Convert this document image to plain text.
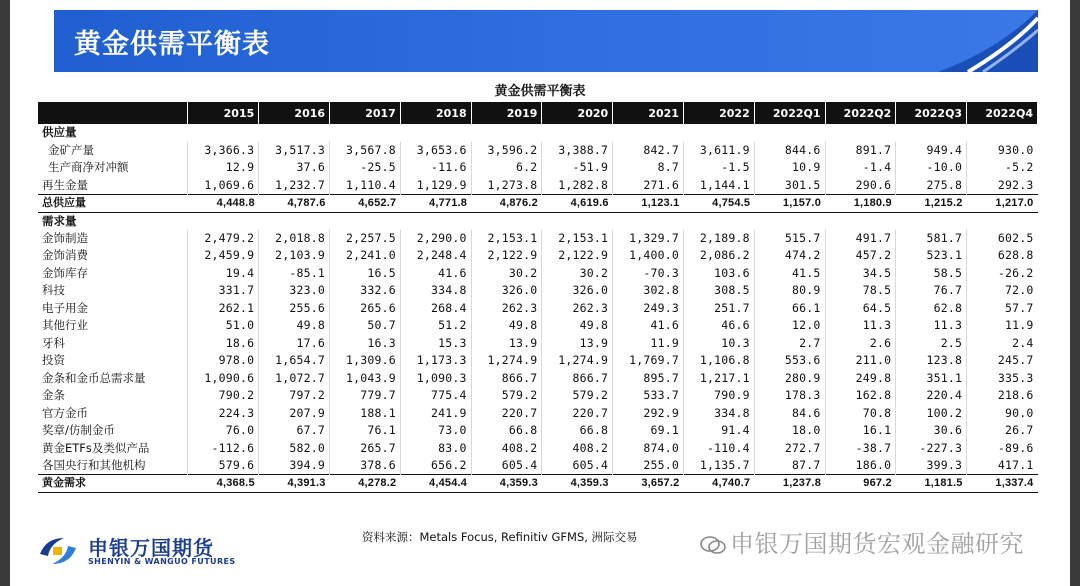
黄金供需平衡表
黄金供需平衡表
	2015	2016	2017	2018	2019	2020	2021	2022	2022Q1	2022Q2	2022Q3	2022Q4
供应量												
金矿产量	3,366.3	3,517.3	3,567.8	3,653.6	3,596.2	3,388.7	842.7	3,611.9	844.6	891.7	949.4	930.0
生产商净对冲额	12.9	37.6	-25.5	-11.6	6.2	-51.9	8.7	-1.5	10.9	-1.4	-10.0	-5.2
再生金量	1,069.6	1,232.7	1,110.4	1,129.9	1,273.8	1,282.8	271.6	1,144.1	301.5	290.6	275.8	292.3
总供应量	4,448.8	4,787.6	4,652.7	4,771.8	4,876.2	4,619.6	1,123.1	4,754.5	1,157.0	1,180.9	1,215.2	1,217.0
需求量												
金饰制造	2,479.2	2,018.8	2,257.5	2,290.0	2,153.1	2,153.1	1,329.7	2,189.8	515.7	491.7	581.7	602.5
金饰消费	2,459.9	2,103.9	2,241.0	2,248.4	2,122.9	2,122.9	1,400.0	2,086.2	474.2	457.2	523.1	628.8
金饰库存	19.4	-85.1	16.5	41.6	30.2	30.2	-70.3	103.6	41.5	34.5	58.5	-26.2
科技	331.7	323.0	332.6	334.8	326.0	326.0	302.8	308.5	80.9	78.5	76.7	72.0
电子用金	262.1	255.6	265.6	268.4	262.3	262.3	249.3	251.7	66.1	64.5	62.8	57.7
其他行业	51.0	49.8	50.7	51.2	49.8	49.8	41.6	46.6	12.0	11.3	11.3	11.9
牙科	18.6	17.6	16.3	15.3	13.9	13.9	11.9	10.3	2.7	2.6	2.5	2.4
投资	978.0	1,654.7	1,309.6	1,173.3	1,274.9	1,274.9	1,769.7	1,106.8	553.6	211.0	123.8	245.7
金条和金币总需求量	1,090.6	1,072.7	1,043.9	1,090.3	866.7	866.7	895.7	1,217.1	280.9	249.8	351.1	335.3
金条	790.2	797.2	779.7	775.4	579.2	579.2	533.7	790.9	178.3	162.8	220.4	218.6
官方金币	224.3	207.9	188.1	241.9	220.7	220.7	292.9	334.8	84.6	70.8	100.2	90.0
奖章/仿制金币	76.0	67.7	76.1	73.0	66.8	66.8	69.1	91.4	18.0	16.1	30.6	26.7
黄金ETFs及类似产品	-112.6	582.0	265.7	83.0	408.2	408.2	874.0	-110.4	272.7	-38.7	-227.3	-89.6
各国央行和其他机构	579.6	394.9	378.6	656.2	605.4	605.4	255.0	1,135.7	87.7	186.0	399.3	417.1
黄金需求	4,368.5	4,391.3	4,278.2	4,454.4	4,359.3	4,359.3	3,657.2	4,740.7	1,237.8	967.2	1,181.5	1,337.4
申银万国期货
SHENYIN & WANGUO FUTURES
资料来源：Metals Focus, Refinitiv GFMS, 洲际交易	申银万国期货宏观金融研究
